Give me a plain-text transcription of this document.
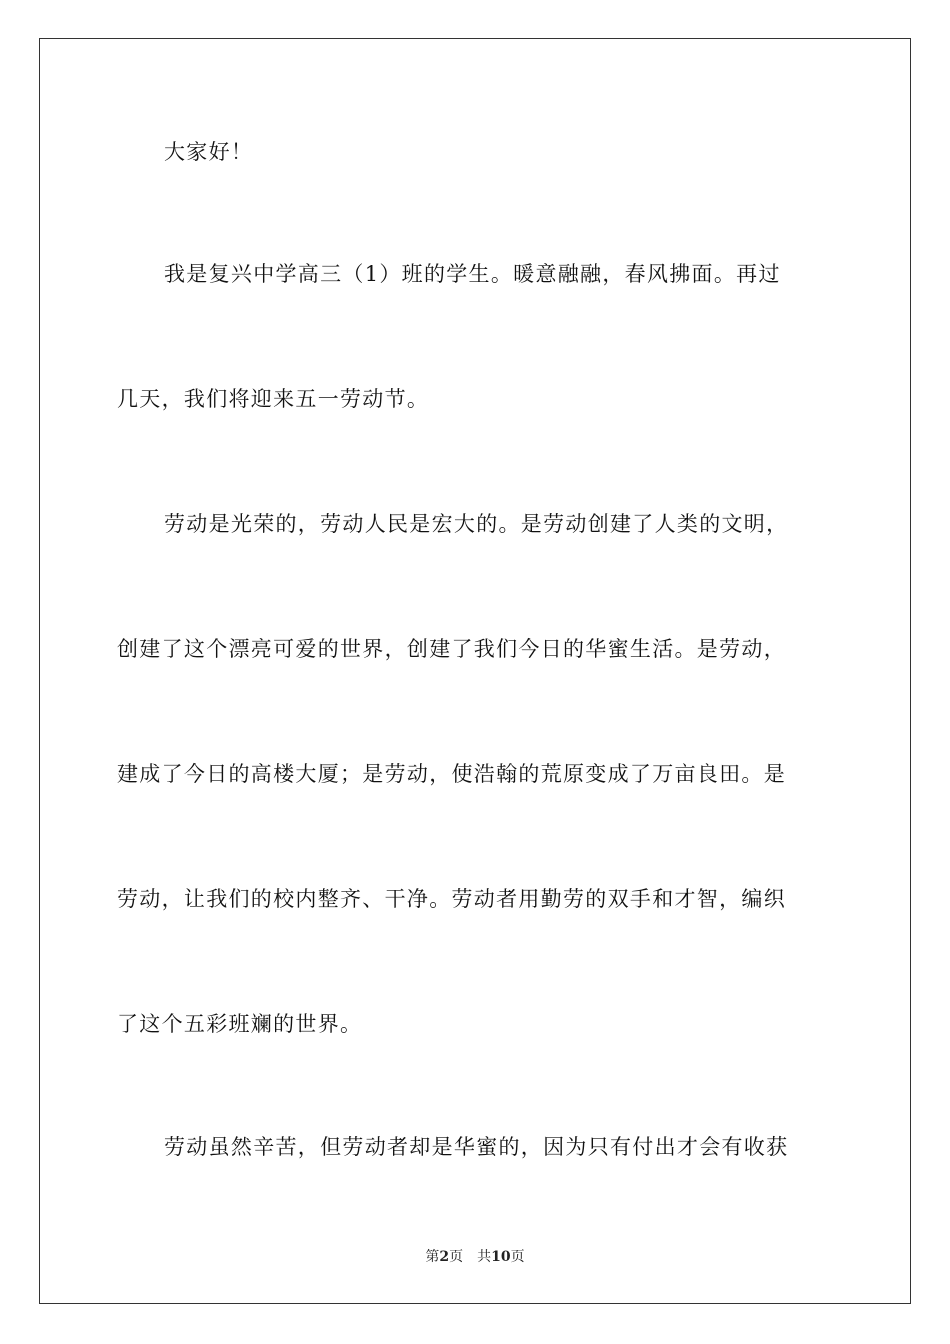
大家好！
我是复兴中学高三（1）班的学生。暖意融融，春风拂面。再过
几天，我们将迎来五一劳动节。
劳动是光荣的，劳动人民是宏大的。是劳动创建了人类的文明，
创建了这个漂亮可爱的世界，创建了我们今日的华蜜生活。是劳动，
建成了今日的高楼大厦；是劳动，使浩翰的荒原变成了万亩良田。是
劳动，让我们的校内整齐、干净。劳动者用勤劳的双手和才智，编织
了这个五彩班斓的世界。
劳动虽然辛苦，但劳动者却是华蜜的，因为只有付出才会有收获
第2页 共10页
